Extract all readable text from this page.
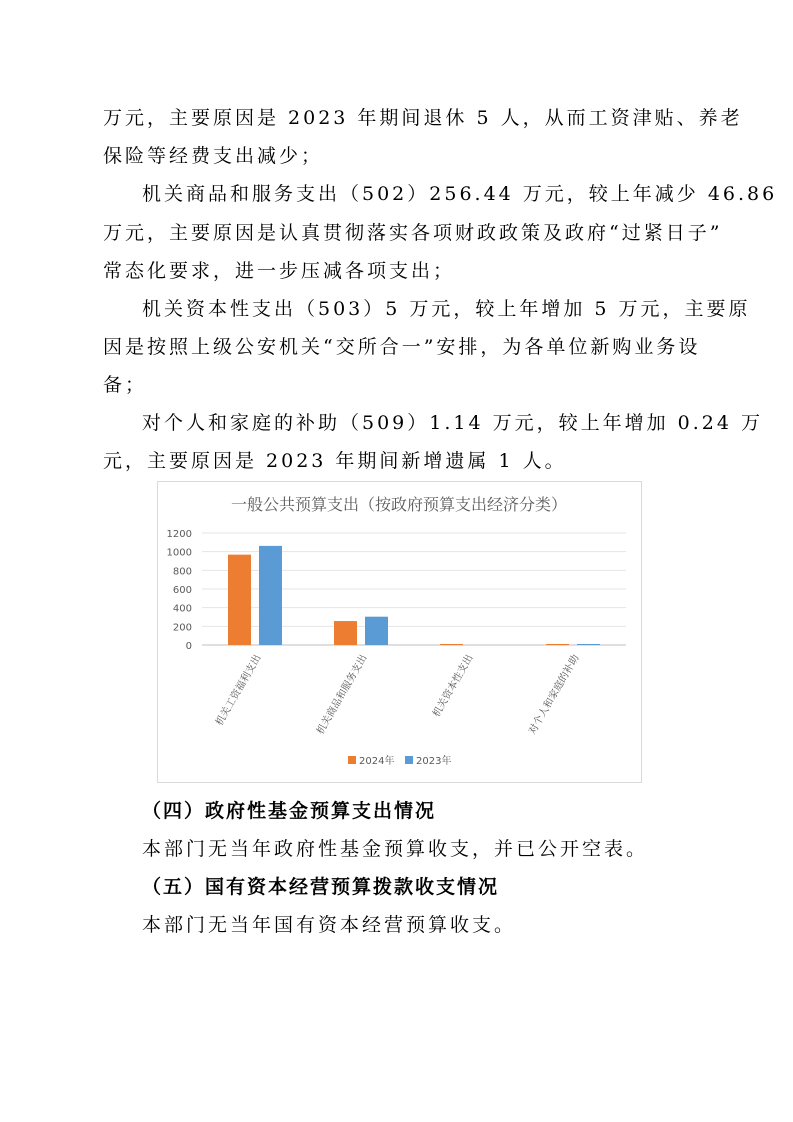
万元，主要原因是 2023 年期间退休 5 人，从而工资津贴、养老
保险等经费支出减少；
机关商品和服务支出（502）256.44 万元，较上年减少 46.86
万元，主要原因是认真贯彻落实各项财政政策及政府“过紧日子”
常态化要求，进一步压减各项支出；
机关资本性支出（503）5 万元，较上年增加 5 万元，主要原
因是按照上级公安机关“交所合一”安排，为各单位新购业务设
备；
对个人和家庭的补助（509）1.14 万元，较上年增加 0.24 万
元，主要原因是 2023 年期间新增遗属 1 人。
一般公共预算支出（按政府预算支出经济分类）
1200
1000
800
600
400
200
0
机关工资福利支出	机关商品和服务支出	机关资本性支出	对个人和家庭的补助
2024年 2023年
（四）政府性基金预算支出情况
本部门无当年政府性基金预算收支，并已公开空表。
（五）国有资本经营预算拨款收支情况
本部门无当年国有资本经营预算收支。
